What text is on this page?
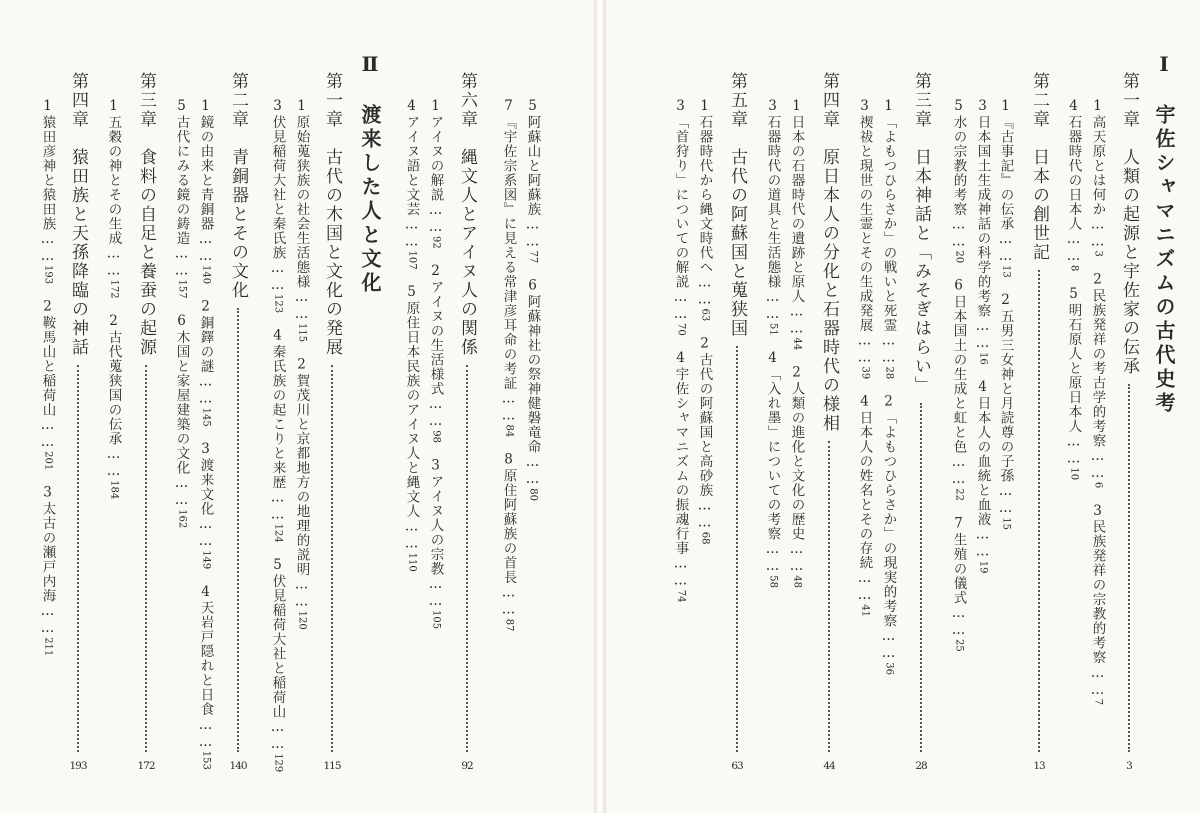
Ⅰ　宇佐シャマニズムの古代史考
Ⅱ　渡来した人と文化	第一章　人類の起源と宇佐家の伝承
3
1高天原とは何か……3　2民族発祥の考古学的考察……6　3民族発祥の宗教的考察……7
4石器時代の日本人……8　5明石原人と原日本人……10
第二章　日本の創世記
13
1『古事記』の伝承……13　2五男三女神と月読尊の子孫……15
3日本国土生成神話の科学的考察……16　4日本人の血統と血液……19
5水の宗教的考察……20　6日本国土の生成と虹と色……22　7生殖の儀式……25
第三章　日本神話と「みそぎはらい」
28
1「よもつひらさか」の戦いと死霊……28　2「よもつひらさか」の現実的考察……36
3禊祓と現世の生霊とその生成発展……39　4日本人の姓名とその存続……41
第四章　原日本人の分化と石器時代の様相
44
1日本の石器時代の遺跡と原人……44　2人類の進化と文化の歴史……48
3石器時代の道具と生活態様……51　4「入れ墨」についての考察……58
第五章　古代の阿蘇国と蒐狭国
63
1石器時代から縄文時代へ……63　2古代の阿蘇国と高砂族……68
3「首狩り」についての解説……70　4宇佐シャマニズムの振魂行事……74
第六章　縄文人とアイヌ人の関係
92
5阿蘇山と阿蘇族……77　6阿蘇神社の祭神健磐竜命……80
7『宇佐宗系図』に見える常津彦耳命の考証……84　8原住阿蘇族の首長……87
1アイヌの解説……92　2アイヌの生活様式……98　3アイヌ人の宗教……105
4アイヌ語と文芸……107　5原住日本民族のアイヌ人と縄文人……110
第一章　古代の木国と文化の発展
115
1原始蒐狭族の社会生活態様……115　2賀茂川と京都地方の地理的説明……120
3伏見稲荷大社と秦氏族……123　4秦氏族の起こりと来歴……124　5伏見稲荷大社と稲荷山……129
第二章　青銅器とその文化
140
1鏡の由来と青銅器……140　2銅鐸の謎……145　3渡来文化……149　4天岩戸隠れと日食……153
5古代にみる鏡の鋳造……157　6木国と家屋建築の文化……162
第三章　食料の自足と養蚕の起源
172
1五穀の神とその生成……172　2古代蒐狭国の伝承……184
第四章　猿田族と天孫降臨の神話
193
1猿田彦神と猿田族……193　2鞍馬山と稲荷山……201　3太古の瀬戸内海……211
